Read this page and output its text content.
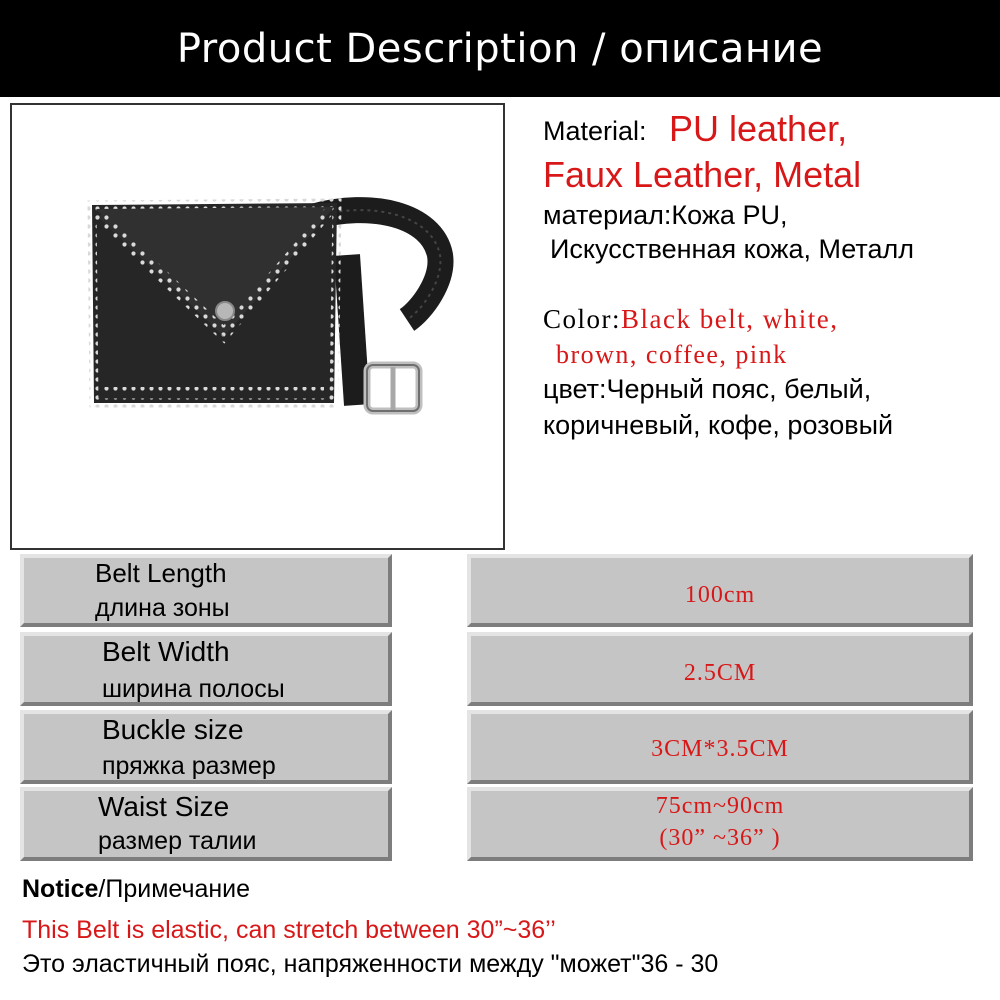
Product Description / описание
Material: PU leather,
Faux Leather, Metal
материал:Кожа PU,
Искусственная кожа, Металл
Color:Black belt, white,
brown, coffee, pink
цвет:Черный пояс, белый,
коричневый, кофе, розовый
Belt Length
длина зоны	100cm
Belt Width
ширина полосы
2.5CM
Buckle size
пряжка размер
3CM*3.5CM
Waist Size
размер талии
75cm~90cm
(30” ~36” )
Notice/Примечание
This Belt is elastic, can stretch between 30”~36’’
Это эластичный пояс, напряженности между "может"36 - 30
